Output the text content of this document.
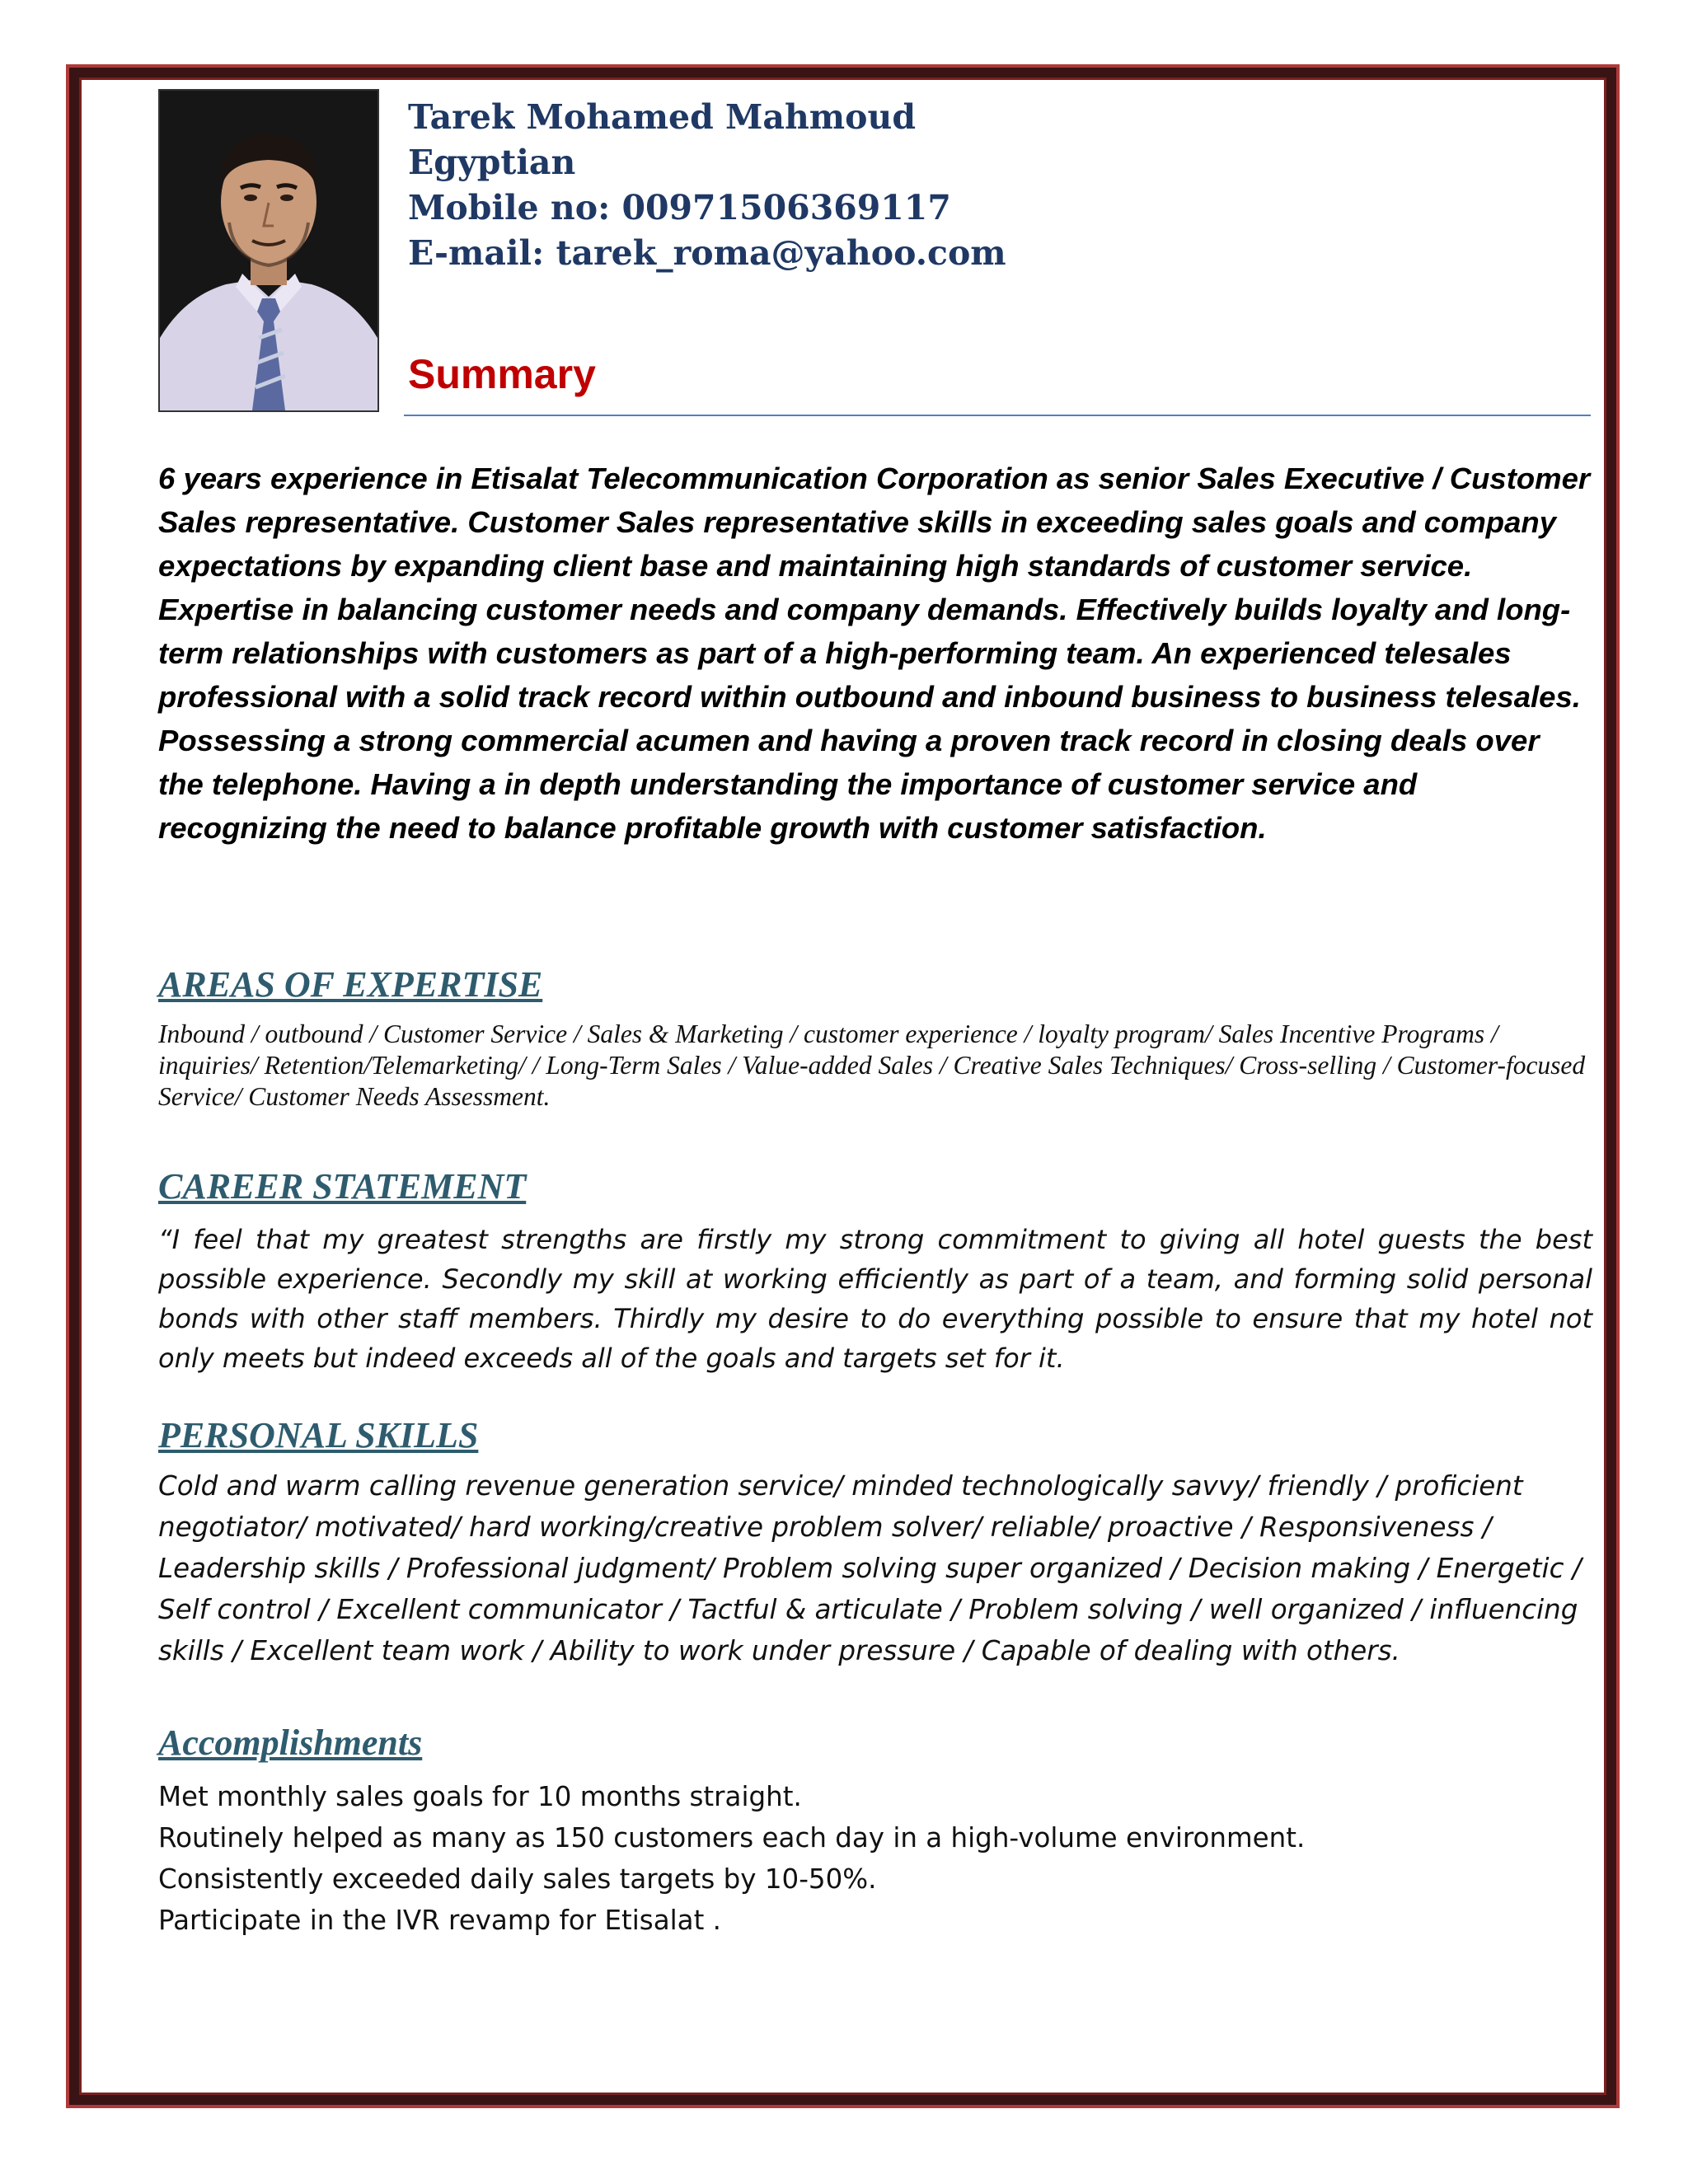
Tarek Mohamed Mahmoud
Egyptian
Mobile no: 00971506369117
E-mail: tarek_roma@yahoo.com
Summary
6 years experience in Etisalat Telecommunication Corporation as senior Sales Executive / Customer Sales representative. Customer Sales representative skills in exceeding sales goals and company expectations by expanding client base and maintaining high standards of customer service. Expertise in balancing customer needs and company demands. Effectively builds loyalty and long-term relationships with customers as part of a high-performing team. An experienced telesales professional with a solid track record within outbound and inbound business to business telesales. Possessing a strong commercial acumen and having a proven track record in closing deals over the telephone. Having a in depth understanding the importance of customer service and recognizing the need to balance profitable growth with customer satisfaction.
AREAS OF EXPERTISE
Inbound / outbound / Customer Service / Sales & Marketing / customer experience / loyalty program/ Sales Incentive Programs / inquiries/ Retention/Telemarketing/ / Long-Term Sales / Value-added Sales / Creative Sales Techniques/ Cross-selling / Customer-focused Service/ Customer Needs Assessment.
CAREER STATEMENT
“I feel that my greatest strengths are firstly my strong commitment to giving all hotel guests the best possible experience. Secondly my skill at working efficiently as part of a team, and forming solid personal bonds with other staff members. Thirdly my desire to do everything possible to ensure that my hotel not only meets but indeed exceeds all of the goals and targets set for it.
PERSONAL SKILLS
Cold and warm calling revenue generation service/ minded technologically savvy/ friendly / proficient negotiator/ motivated/ hard working/creative problem solver/ reliable/ proactive / Responsiveness / Leadership skills / Professional judgment/ Problem solving super organized / Decision making / Energetic / Self control / Excellent communicator / Tactful & articulate / Problem solving / well organized / influencing skills / Excellent team work / Ability to work under pressure / Capable of dealing with others.
Accomplishments
Met monthly sales goals for 10 months straight.
Routinely helped as many as 150 customers each day in a high-volume environment.
Consistently exceeded daily sales targets by 10-50%.
Participate in the IVR revamp for Etisalat .
